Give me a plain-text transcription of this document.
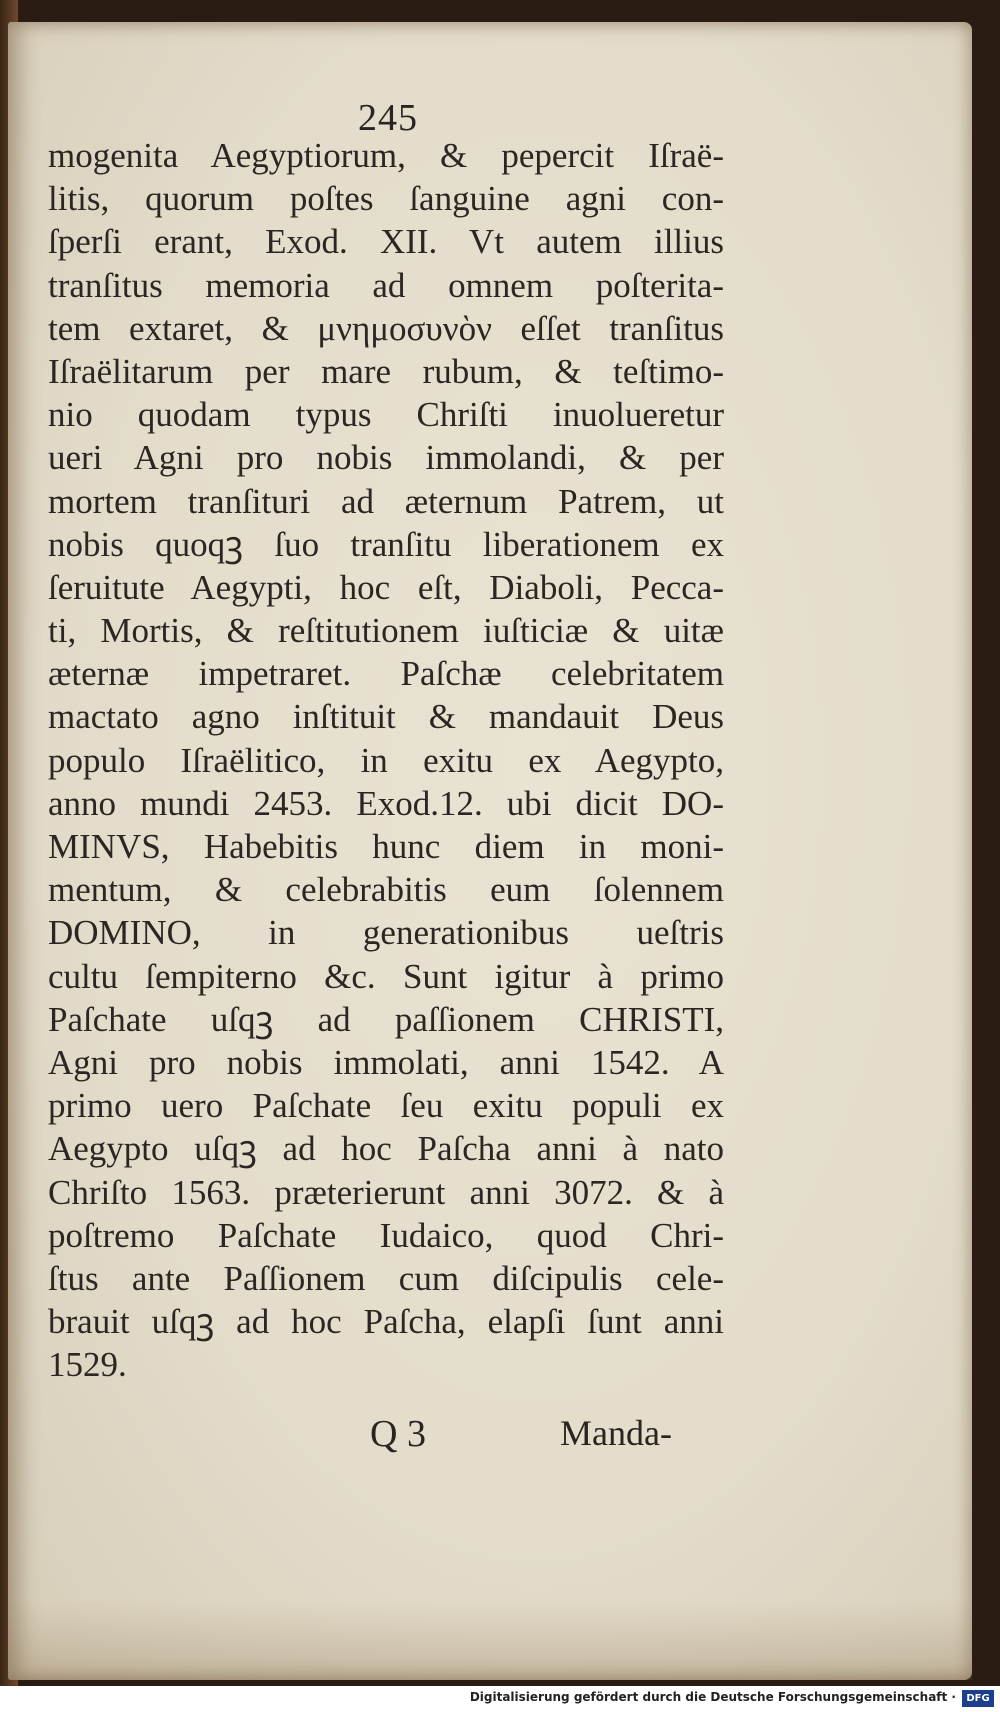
245
mogenita Aegyptiorum, & pepercit Iſraë-
litis, quorum poſtes ſanguine agni con-
ſperſi erant, Exod. XII. Vt autem illius
tranſitus memoria ad omnem poſterita-
tem extaret, & μνημοσυνὸν eſſet tranſitus
Iſraëlitarum per mare rubum, & teſtimo-
nio quodam typus Chriſti inuolueretur
ueri Agni pro nobis immolandi, & per
mortem tranſituri ad æternum Patrem, ut
nobis quoqꝫ ſuo tranſitu liberationem ex
ſeruitute Aegypti, hoc eſt, Diaboli, Pecca-
ti, Mortis, & reſtitutionem iuſticiæ & uitæ
æternæ impetraret. Paſchæ celebritatem
mactato agno inſtituit & mandauit Deus
populo Iſraëlitico, in exitu ex Aegypto,
anno mundi 2453. Exod.12. ubi dicit DO-
MINVS, Habebitis hunc diem in moni-
mentum, & celebrabitis eum ſolennem
DOMINO, in generationibus ueſtris
cultu ſempiterno &c. Sunt igitur à primo
Paſchate uſqꝫ ad paſſionem CHRISTI,
Agni pro nobis immolati, anni 1542. A
primo uero Paſchate ſeu exitu populi ex
Aegypto uſqꝫ ad hoc Paſcha anni à nato
Chriſto 1563. præterierunt anni 3072. & à
poſtremo Paſchate Iudaico, quod Chri-
ſtus ante Paſſionem cum diſcipulis cele-
brauit uſqꝫ ad hoc Paſcha, elapſi ſunt anni
1529.
Q 3	Manda-
Digitalisierung gefördert durch die Deutsche Forschungsgemeinschaft ·	DFG
